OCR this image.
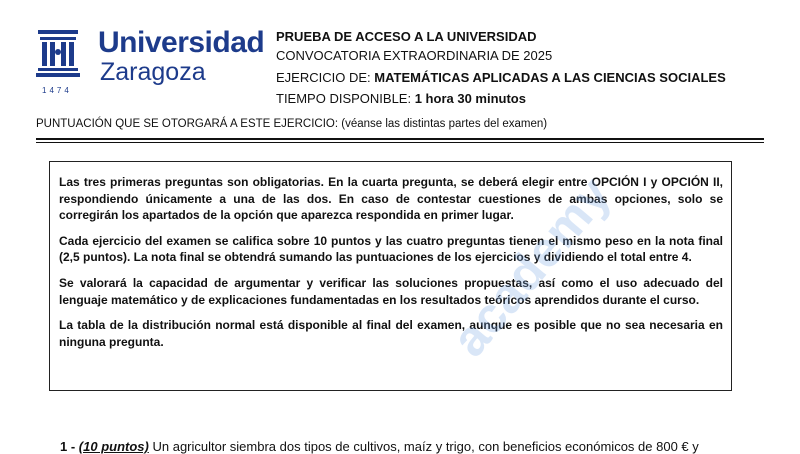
1474
Universidad
Zaragoza
PRUEBA DE ACCESO A LA UNIVERSIDAD
CONVOCATORIA EXTRAORDINARIA DE 2025
EJERCICIO DE: MATEMÁTICAS APLICADAS A LAS CIENCIAS SOCIALES
TIEMPO DISPONIBLE: 1 hora 30 minutos
PUNTUACIÓN QUE SE OTORGARÁ A ESTE EJERCICIO: (véanse las distintas partes del examen)

Las tres primeras preguntas son obligatorias. En la cuarta pregunta, se deberá elegir entre OPCIÓN I y OPCIÓN II, respondiendo únicamente a una de las dos. En caso de contestar cuestiones de ambas opciones, solo se corregirán los apartados de la opción que aparezca respondida en primer lugar.

Cada ejercicio del examen se califica sobre 10 puntos y las cuatro preguntas tienen el mismo peso en la nota final (2,5 puntos). La nota final se obtendrá sumando las puntuaciones de los ejercicios y dividiendo el total entre 4.

Se valorará la capacidad de argumentar y verificar las soluciones propuestas, así como el uso adecuado del lenguaje matemático y de explicaciones fundamentadas en los resultados teóricos aprendidos durante el curso.

La tabla de la distribución normal está disponible al final del examen, aunque es posible que no sea necesaria en ninguna pregunta.	academy
1 - (10 puntos) Un agricultor siembra dos tipos de cultivos, maíz y trigo, con beneficios económicos de 800 € y
